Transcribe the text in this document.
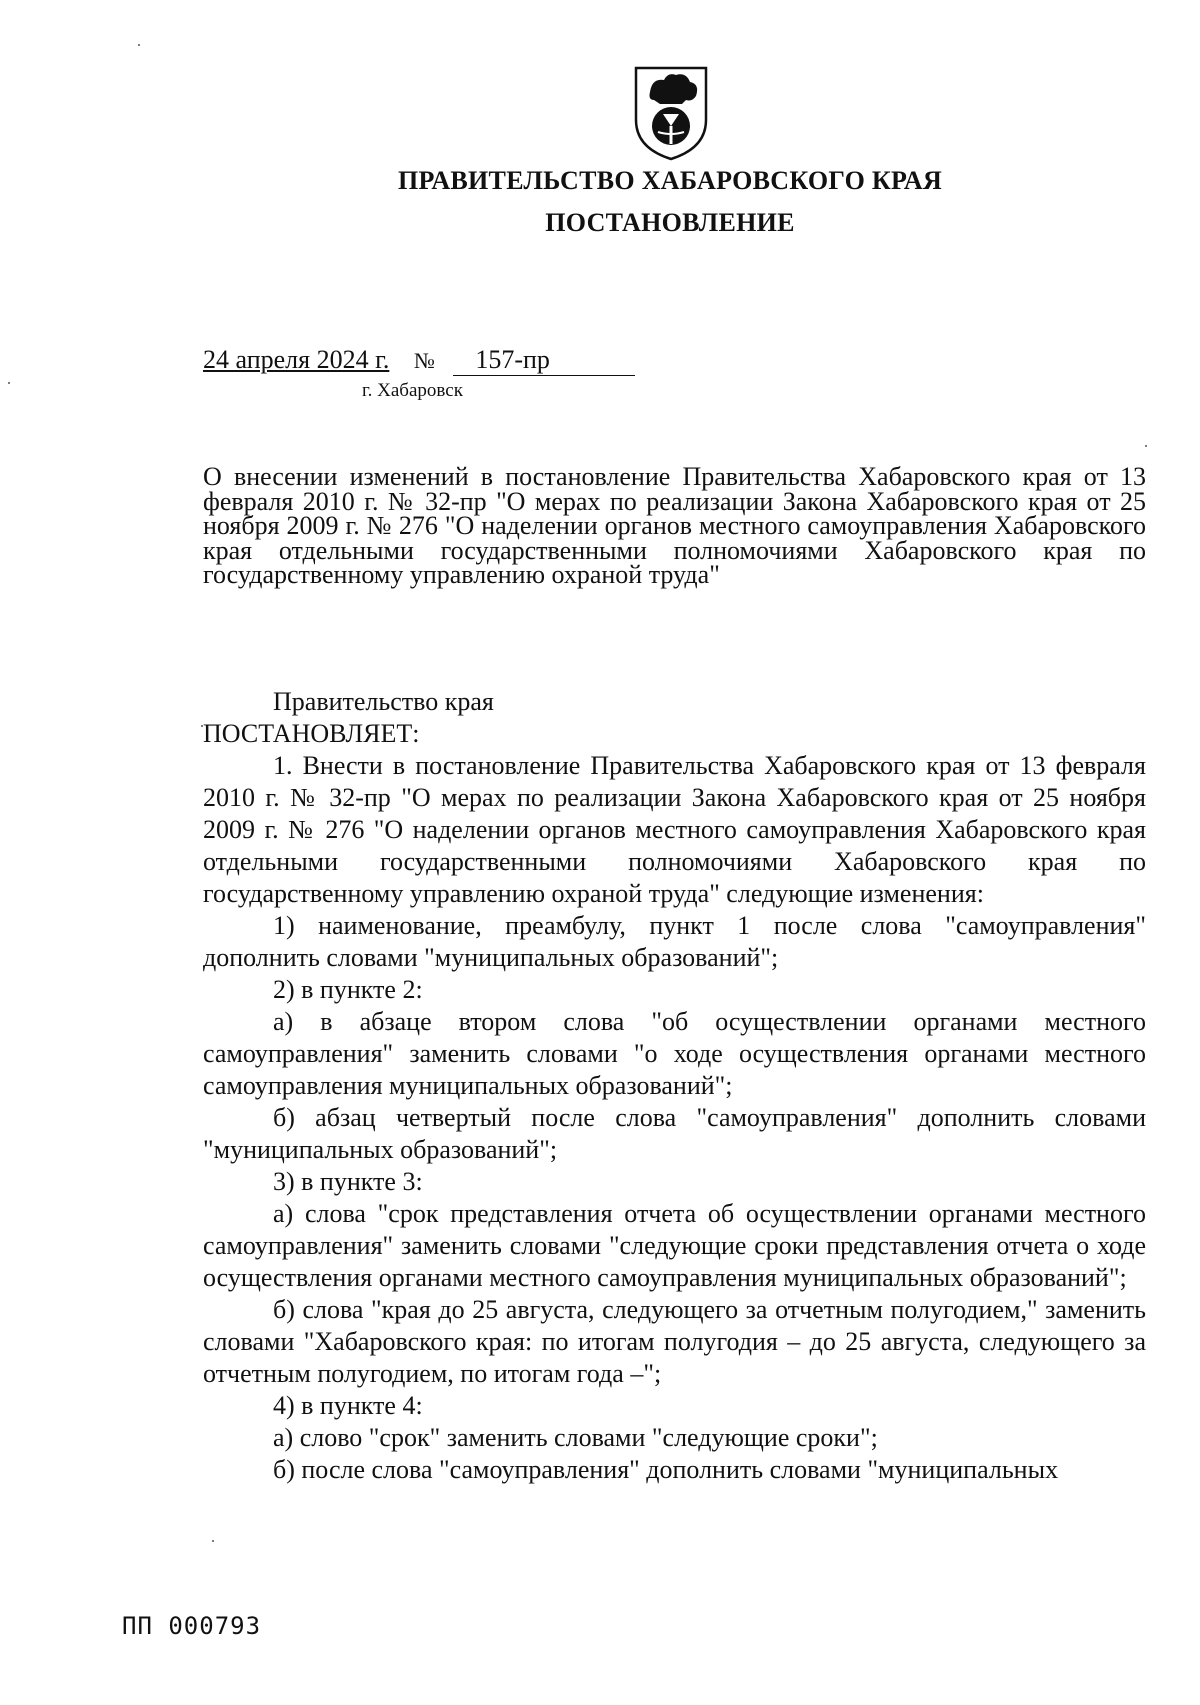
ПРАВИТЕЛЬСТВО ХАБАРОВСКОГО КРАЯ
ПОСТАНОВЛЕНИЕ
24 апреля 2024 г. № 157-пр
г. Хабаровск
О внесении изменений в постановление Правительства Хабаровского края от 13 февраля 2010 г. № 32-пр "О мерах по реализации Закона Хабаровского края от 25 ноября 2009 г. № 276 "О наделении органов местного самоуправления Хабаровского края отдельными государственными полномочиями Хабаровского края по государственному управлению охраной труда"

Правительство края

ПОСТАНОВЛЯЕТ:

1. Внести в постановление Правительства Хабаровского края от 13 февраля 2010 г. № 32-пр "О мерах по реализации Закона Хабаровского края от 25 ноября 2009 г. № 276 "О наделении органов местного самоуправления Хабаровского края отдельными государственными полномочиями Хабаровского края по государственному управлению охраной труда" следующие изменения:

1) наименование, преамбулу, пункт 1 после слова "самоуправления" дополнить словами "муниципальных образований";

2) в пункте 2:

а) в абзаце втором слова "об осуществлении органами местного самоуправления" заменить словами "о ходе осуществления органами местного самоуправления муниципальных образований";

б) абзац четвертый после слова "самоуправления" дополнить словами "муниципальных образований";

3) в пункте 3:

а) слова "срок представления отчета об осуществлении органами местного самоуправления" заменить словами "следующие сроки представления отчета о ходе осуществления органами местного самоуправления муниципальных образований";

б) слова "края до 25 августа, следующего за отчетным полугодием," заменить словами "Хабаровского края: по итогам полугодия – до 25 августа, следующего за отчетным полугодием, по итогам года –";

4) в пункте 4:

а) слово "срок" заменить словами "следующие сроки";

б) после слова "самоуправления" дополнить словами "муниципальных

ПП 000793
